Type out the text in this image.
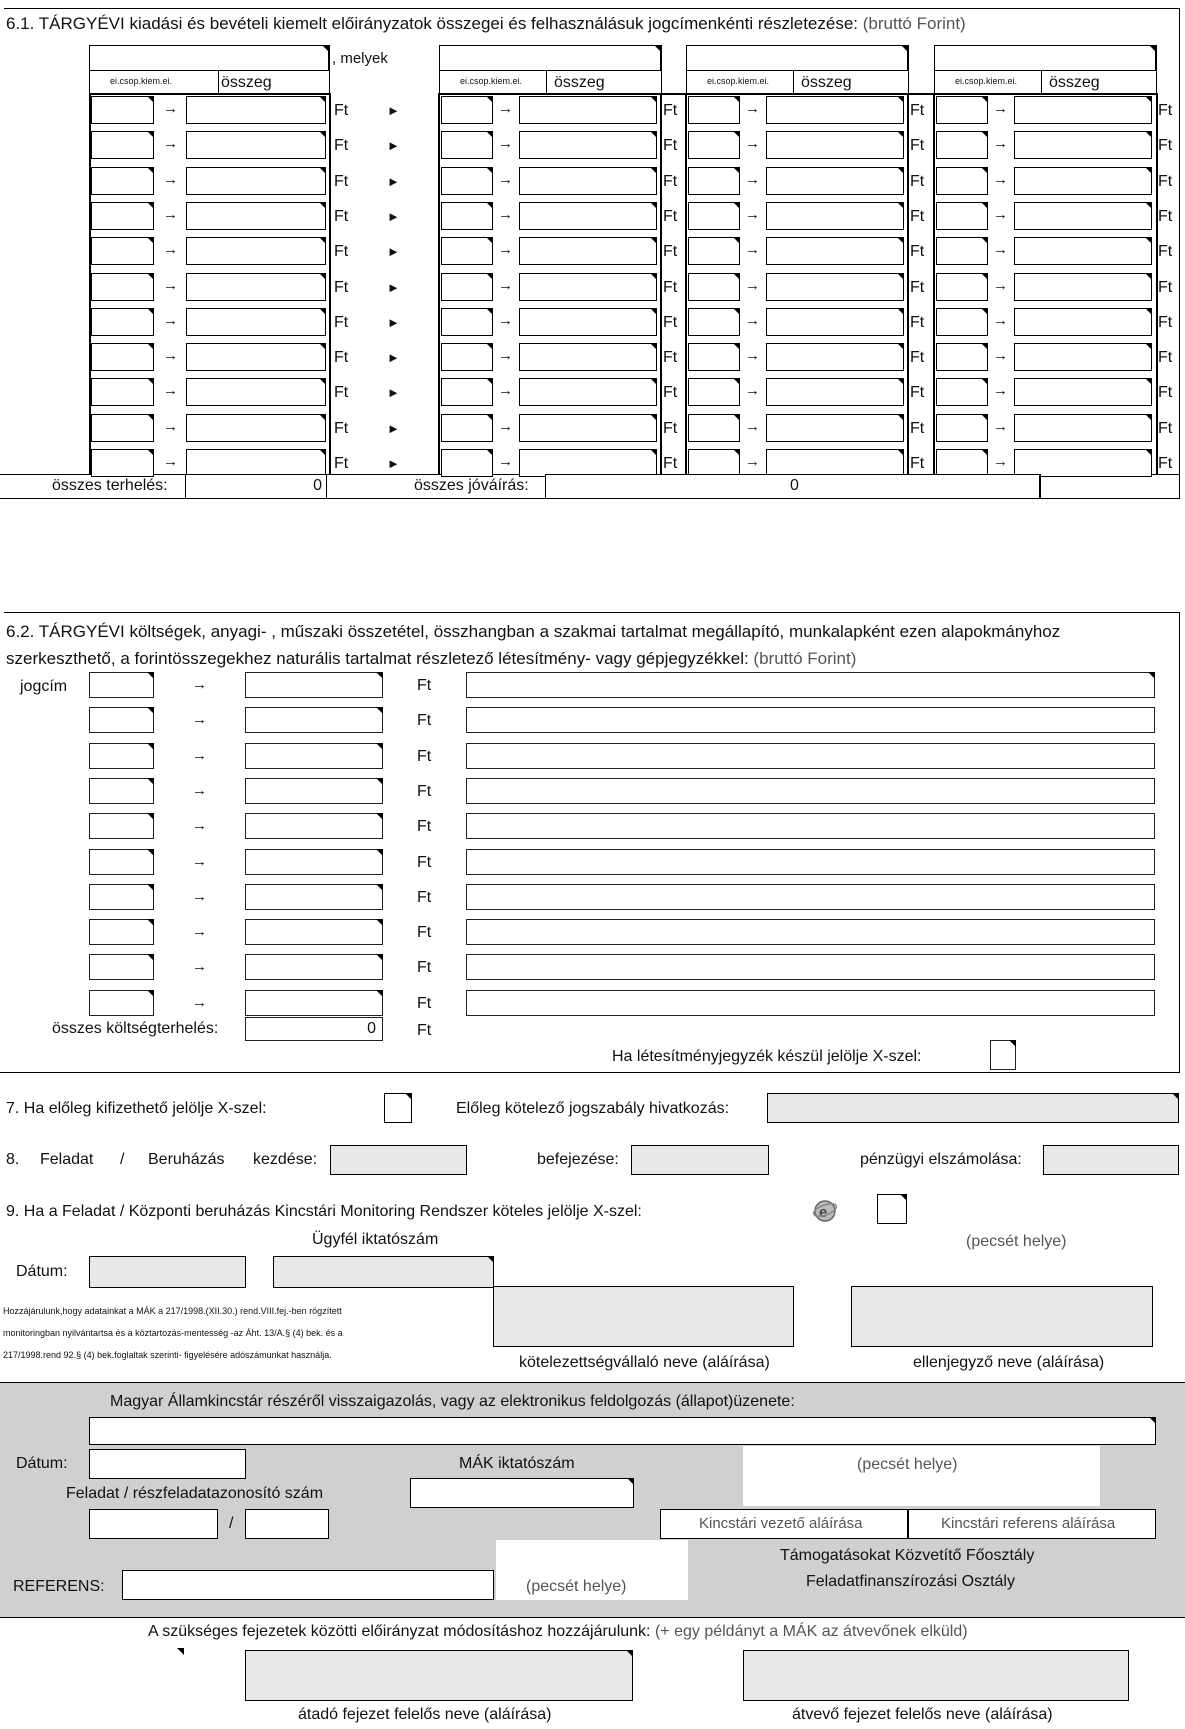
6.1. TÁRGYÉVI kiadási és bevételi kiemelt előirányzatok összegei és felhasználásuk jogcímenkénti részletezése: (bruttó Forint)
, melyek
ei.csop.kiem.ei.	összeg	ei.csop.kiem.ei. összeg	ei.csop.kiem.ei. összeg	ei.csop.kiem.ei. összeg
→	Ft	►	→	Ft	→	Ft	→	Ft
→	Ft	►	→	Ft	→	Ft	→	Ft
→	Ft	►	→	Ft	→	Ft	→	Ft
→	Ft	►	→	Ft	→	Ft	→	Ft
→	Ft	►	→	Ft	→	Ft	→	Ft
→	Ft	►	→	Ft	→	Ft	→	Ft
→	Ft	►	→	Ft	→	Ft	→	Ft
→	Ft	►	→	Ft	→	Ft	→	Ft
→	Ft	►	→	Ft	→	Ft	→	Ft
→	Ft	►	→	Ft	→	Ft	→	Ft
→	Ft	►	→	Ft	→	Ft	→	Ft
összes terhelés:	0	összes jóváírás:	0
6.2. TÁRGYÉVI költségek, anyagi- , műszaki összetétel, összhangban a szakmai tartalmat megállapító, munkalapként ezen alapokmányhoz
szerkeszthető, a forintösszegekhez naturális tartalmat részletező létesítmény- vagy gépjegyzékkel: (bruttó Forint)
jogcím	→	Ft
→	Ft
→	Ft
→	Ft
→	Ft
→	Ft
→	Ft
→	Ft
→	Ft
→	Ft
összes költségterhelés:	0	Ft
Ha létesítményjegyzék készül jelölje X-szel:
7. Ha előleg kifizethető jelölje X-szel:	Előleg kötelező jogszabály hivatkozás:
8. Feladat / Beruházás kezdése:	befejezése:	pénzügyi elszámolása:
9. Ha a Feladat / Központi beruházás Kincstári Monitoring Rendszer köteles jelölje X-szel:	e
Ügyfél iktatószám	(pecsét helye)
Dátum:
Hozzájárulunk,hogy adatainkat a MÁK a 217/1998.(XII.30.) rend.VIII.fej.-ben rögzített
monitoringban nyilvántartsa és a köztartozás-mentesség -az Áht. 13/A.§ (4) bek. és a
217/1998.rend 92.§ (4) bek.foglaltak szerinti- figyelésére adószámunkat használja.	kötelezettségvállaló neve (aláírása)	ellenjegyző neve (aláírása)
Magyar Államkincstár részéről visszaigazolás, vagy az elektronikus feldolgozás (állapot)üzenete:
Dátum:	MÁK iktatószám	(pecsét helye)
Feladat / részfeladatazonosító szám
/	Kincstári vezető aláírása	Kincstári referens aláírása
Támogatásokat Közvetítő Főosztály
Feladatfinanszírozási Osztály
REFERENS:	(pecsét helye)
A szükséges fejezetek közötti előirányzat módosításhoz hozzájárulunk: (+ egy példányt a MÁK az átvevőnek elküld)
átadó fejezet felelős neve (aláírása)	átvevő fejezet felelős neve (aláírása)
